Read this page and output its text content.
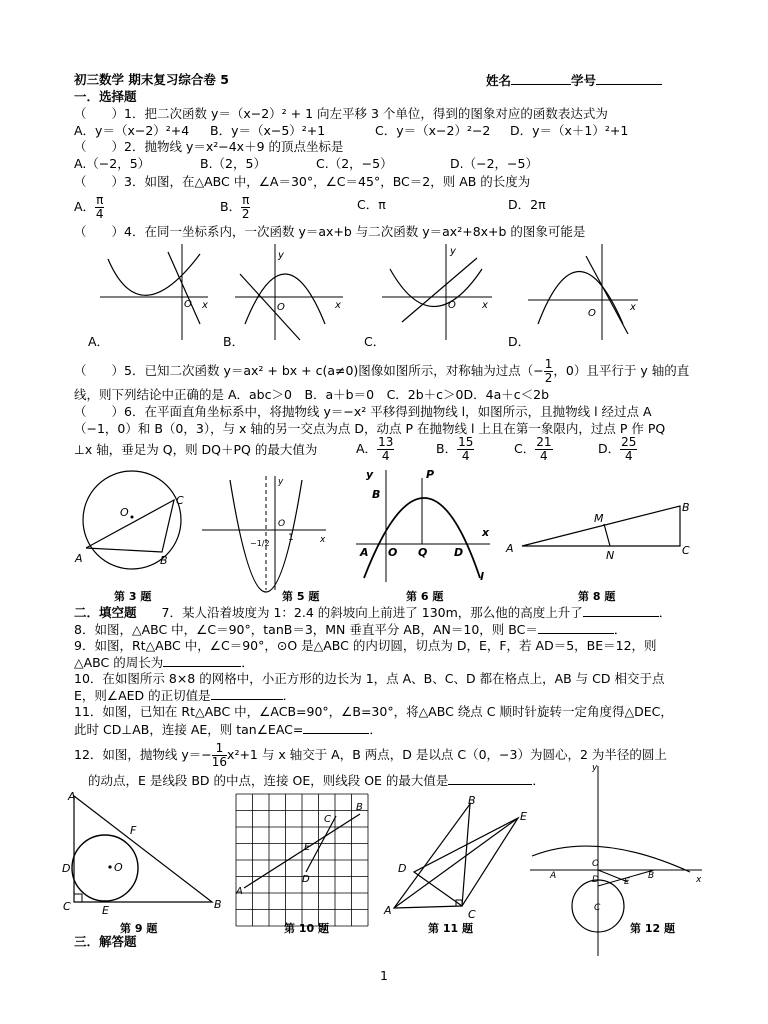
初三数学 期末复习综合卷 5	姓名	学号
一．选择题
（　　）1．把二次函数 y＝（x−2）² + 1 向左平移 3 个单位，得到的图象对应的函数表达式为
A．y＝（x−2）²+4 B．y＝（x−5）²+1	C．y＝（x−2）²−2 D．y＝（x＋1）²+1
（　　）2．抛物线 y＝x²−4x＋9 的顶点坐标是
A.（−2，5）	B.（2，5）	C.（2，−5）	D.（−2，−5）
（　　）3．如图，在△ABC 中，∠A＝30°，∠C＝45°，BC＝2，则 AB 的长度为
A． $\frac{\pi}{4}$	B． $\frac{\pi}{2}$	C．π	D．2π
（　　）4．在同一坐标系内，一次函数 y＝ax+b 与二次函数 y＝ax²+8x+b 的图象可能是
O x
y
O	x
y
O	x
O
x
A．	B．	C．	D．
（　　）5．已知二次函数 y＝ax² + bx + c(a≠0)图像如图所示，对称轴为过点（− $\frac{1}{2}$ ，0）且平行于 y 轴的直
线，则下列结论中正确的是 A．abc＞0　B．a＋b＝0　C．2b＋c＞0D．4a＋c＜2b
（　　）6．在平面直角坐标系中，将抛物线 y＝−x² 平移得到抛物线 l，如图所示，且抛物线 l 经过点 A
（−1，0）和 B（0，3），与 x 轴的另一交点为点 D，动点 P 在抛物线 l 上且在第一象限内，过点 P 作 PQ
⊥x 轴，垂足为 Q，则 DQ＋PQ 的最大值为	A． $\frac{13}{4}$	B． $\frac{15}{4}$	C． $\frac{21}{4}$	D． $\frac{25}{4}$
O
A	B
C
y
x
O
1
−1/2
y	P
B
A O Q D
x
l
A
B
C
M
N
第 3 题	第 5 题	第 6 题	第 8 题
二．填空题　　 7．某人沿着坡度为 1：2.4 的斜坡向上前进了 130m，那么他的高度上升了	．
8．如图，△ABC 中，∠C＝90°，tanB＝3，MN 垂直平分 AB，AN＝10，则 BC＝	．
9．如图，Rt△ABC 中，∠C＝90°，⊙O 是△ABC 的内切圆，切点为 D，E，F，若 AD＝5，BE＝12，则
△ABC 的周长为	．
10．在如图所示 8×8 的网格中，小正方形的边长为 1，点 A、B、C、D 都在格点上，AB 与 CD 相交于点
E，则∠AED 的正切值是	．
11．如图，已知在 Rt△ABC 中，∠ACB=90°，∠B=30°，将△ABC 绕点 C 顺时针旋转一定角度得△DEC，
此时 CD⊥AB，连接 AE，则 tan∠EAC=	．
12．如图，抛物线 $y=- \frac{1}{16} x^2+1$ 与 x 轴交于 A，B 两点，D 是以点 C（0，−3）为圆心，2 为半径的圆上
的动点，E 是线段 BD 的中点，连接 OE，则线段 OE 的最大值是	．
A
F
D	O
C	E	B
A
B
C
D
E
A
B
C
D
E
y
x
A	B
O
D	E
C
第 9 题	第 10 题	第 11 题	第 12 题
三．解答题
1
